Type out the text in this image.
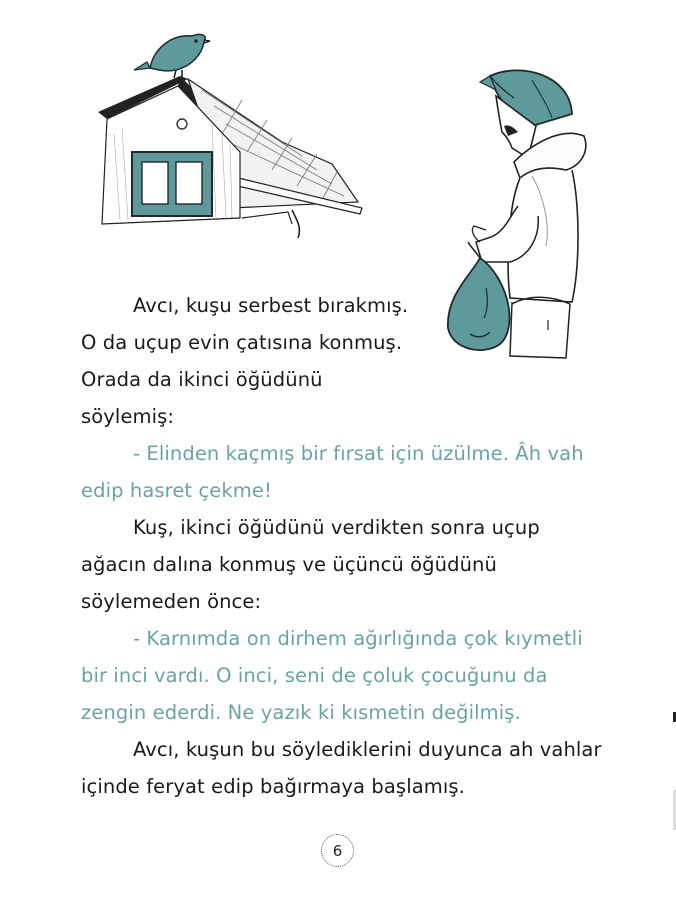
Avcı, kuşu serbest bırakmış.
O da uçup evin çatısına konmuş.
Orada da ikinci öğüdünü
söylemiş:
- Elinden kaçmış bir fırsat için üzülme. Âh vah
edip hasret çekme!
Kuş, ikinci öğüdünü verdikten sonra uçup
ağacın dalına konmuş ve üçüncü öğüdünü
söylemeden önce:
- Karnımda on dirhem ağırlığında çok kıymetli
bir inci vardı. O inci, seni de çoluk çocuğunu da
zengin ederdi. Ne yazık ki kısmetin değilmiş.
Avcı, kuşun bu söylediklerini duyunca ah vahlar
içinde feryat edip bağırmaya başlamış.
6
